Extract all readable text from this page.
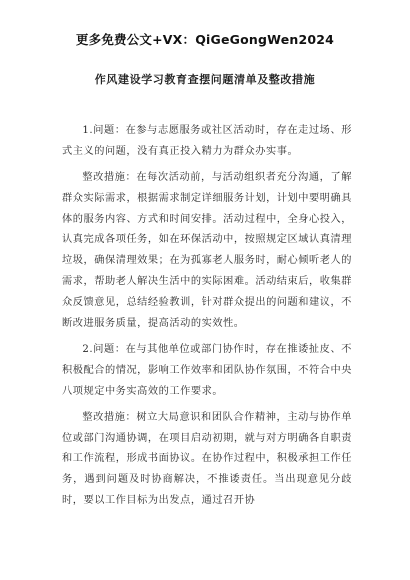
更多免费公文+VX：QiGeGongWen2024
作风建设学习教育查摆问题清单及整改措施

1.问题：在参与志愿服务或社区活动时，存在走过场、形式主义的问题，没有真正投入精力为群众办实事。

整改措施：在每次活动前，与活动组织者充分沟通，了解群众实际需求，根据需求制定详细服务计划，计划中要明确具体的服务内容、方式和时间安排。活动过程中，全身心投入，认真完成各项任务，如在环保活动中，按照规定区域认真清理垃圾，确保清理效果；在为孤寡老人服务时，耐心倾听老人的需求，帮助老人解决生活中的实际困难。活动结束后，收集群众反馈意见，总结经验教训，针对群众提出的问题和建议，不断改进服务质量，提高活动的实效性。

2.问题：在与其他单位或部门协作时，存在推诿扯皮、不积极配合的情况，影响工作效率和团队协作氛围，不符合中央八项规定中务实高效的工作要求。

整改措施：树立大局意识和团队合作精神，主动与协作单位或部门沟通协调，在项目启动初期，就与对方明确各自职责和工作流程，形成书面协议。在协作过程中，积极承担工作任务，遇到问题及时协商解决，不推诿责任。当出现意见分歧时，要以工作目标为出发点，通过召开协
